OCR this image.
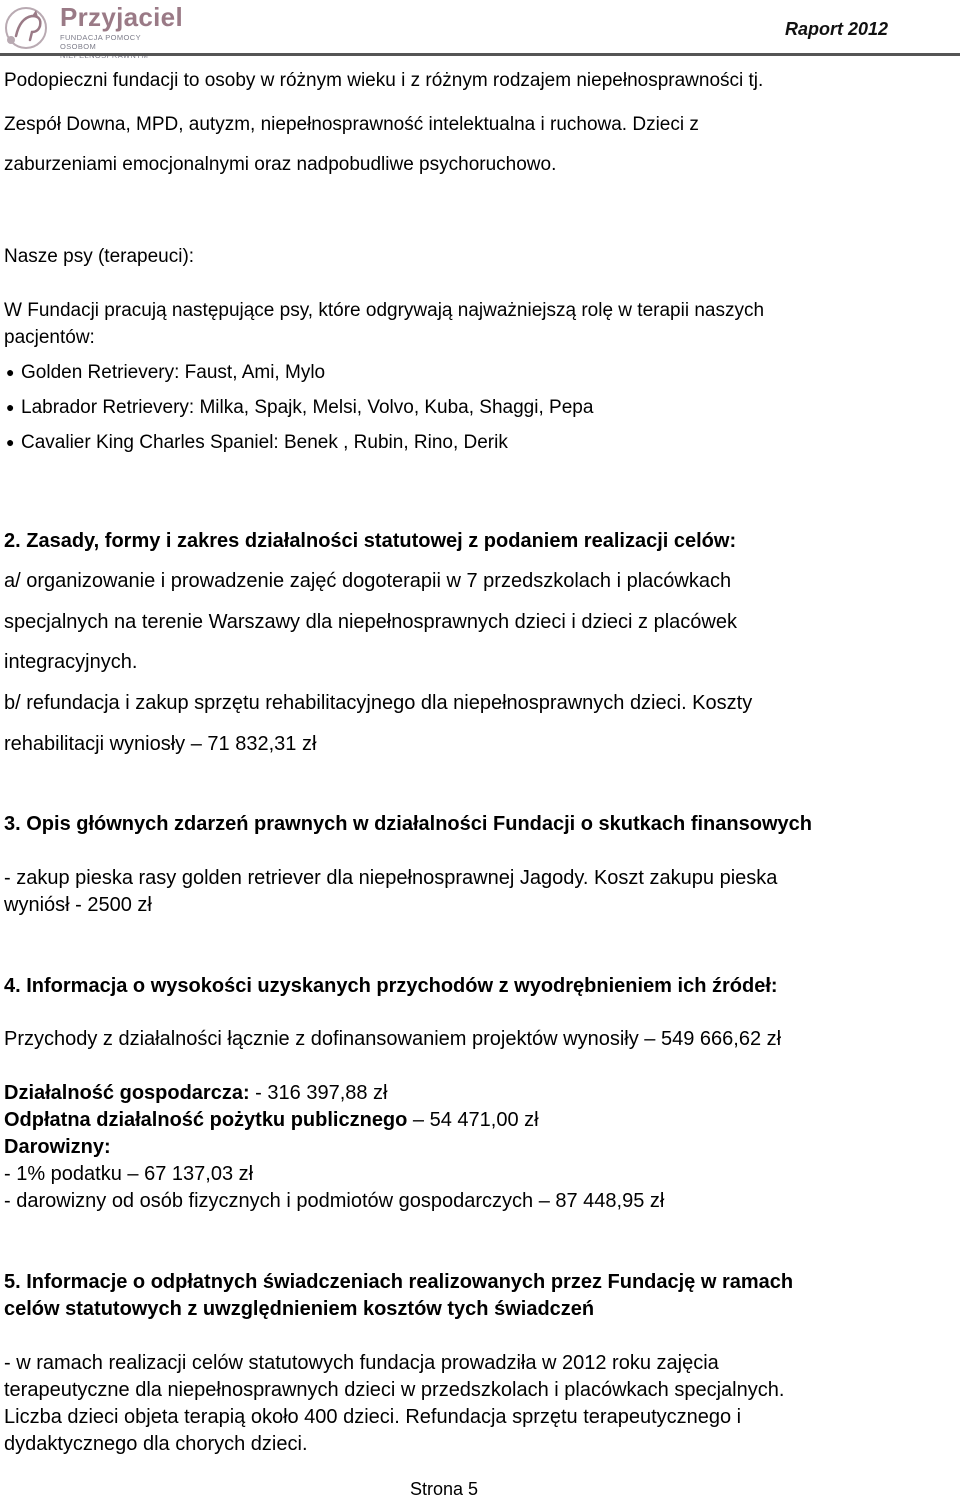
Przyjaciel
FUNDACJA POMOCY
OSOBOM
Raport 2012
Podopieczni fundacji to osoby w różnym wieku i z różnym rodzajem niepełnosprawności tj.
Zespół Downa, MPD, autyzm, niepełnosprawność intelektualna i ruchowa. Dzieci z
zaburzeniami emocjonalnymi oraz nadpobudliwe psychoruchowo.
Nasze psy (terapeuci):
W Fundacji pracują następujące psy, które odgrywają najważniejszą rolę w terapii naszych
pacjentów:
● Golden Retrievery: Faust, Ami, Mylo
● Labrador Retrievery: Milka, Spajk, Melsi, Volvo, Kuba, Shaggi, Pepa
● Cavalier King Charles Spaniel: Benek , Rubin, Rino, Derik
2. Zasady, formy i zakres działalności statutowej z podaniem realizacji celów:
a/ organizowanie i prowadzenie zajęć dogoterapii w 7 przedszkolach i placówkach
specjalnych na terenie Warszawy dla niepełnosprawnych dzieci i dzieci z placówek
integracyjnych.
b/ refundacja i zakup sprzętu rehabilitacyjnego dla niepełnosprawnych dzieci. Koszty
rehabilitacji wyniosły – 71 832,31 zł
3. Opis głównych zdarzeń prawnych w działalności Fundacji o skutkach finansowych
- zakup pieska rasy golden retriever dla niepełnosprawnej Jagody. Koszt zakupu pieska
wyniósł - 2500 zł
4. Informacja o wysokości uzyskanych przychodów z wyodrębnieniem ich źródeł:
Przychody z działalności łącznie z dofinansowaniem projektów wynosiły – 549 666,62 zł
Działalność gospodarcza: - 316 397,88 zł
Odpłatna działalność pożytku publicznego – 54 471,00 zł
Darowizny:
- 1% podatku – 67 137,03 zł
- darowizny od osób fizycznych i podmiotów gospodarczych – 87 448,95 zł
5. Informacje o odpłatnych świadczeniach realizowanych przez Fundację w ramach
celów statutowych z uwzględnieniem kosztów tych świadczeń
- w ramach realizacji celów statutowych fundacja prowadziła w 2012 roku zajęcia
terapeutyczne dla niepełnosprawnych dzieci w przedszkolach i placówkach specjalnych.
Liczba dzieci objeta terapią około 400 dzieci. Refundacja sprzętu terapeutycznego i
dydaktycznego dla chorych dzieci.
Strona 5
